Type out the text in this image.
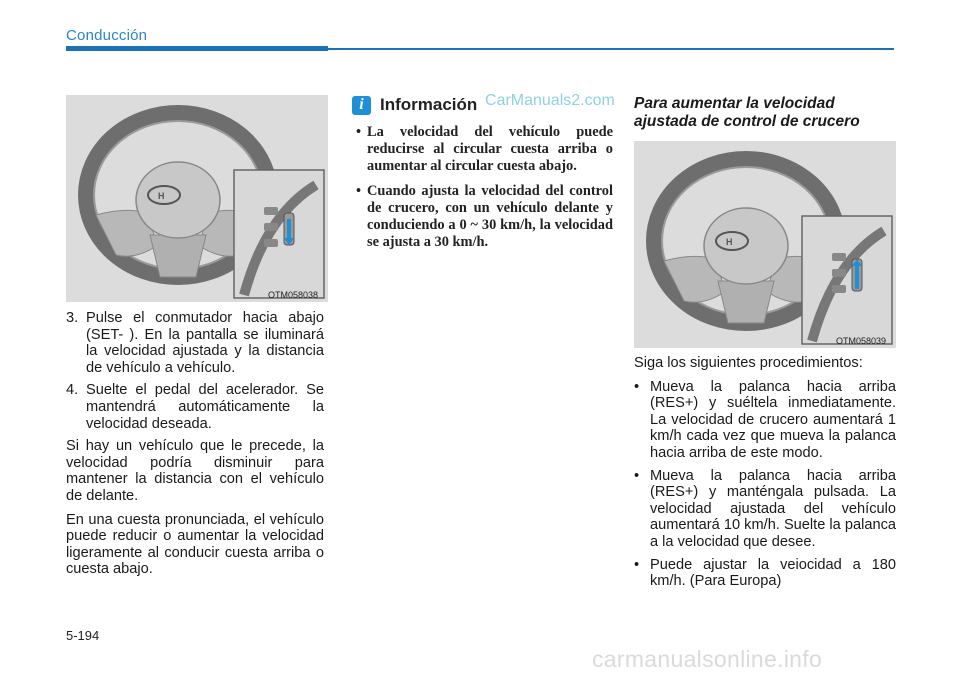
Conducción
H
OTM058038
3. Pulse el conmutador hacia abajo (SET- ). En la pantalla se iluminará la velocidad ajustada y la distancia de vehículo a vehículo.
4. Suelte el pedal del acelerador. Se mantendrá automáticamente la velocidad deseada.

Si hay un vehículo que le precede, la velocidad podría disminuir para mantener la distancia con el vehículo de delante.

En una cuesta pronunciada, el vehículo puede reducir o aumentar la velocidad ligeramente al conducir cuesta arriba o cuesta abajo.

i Información CarManuals2.com
• La velocidad del vehículo puede reducirse al circular cuesta arriba o aumentar al circular cuesta abajo.
• Cuando ajusta la velocidad del control de crucero, con un vehículo delante y conduciendo a 0 ~ 30 km/h, la velocidad se ajusta a 30 km/h.
Para aumentar la velocidad ajustada de control de crucero
H
OTM058039

Siga los siguientes procedimientos:

• Mueva la palanca hacia arriba (RES+) y suéltela inmediatamente. La velocidad de crucero aumentará 1 km/h cada vez que mueva la palanca hacia arriba de este modo.
• Mueva la palanca hacia arriba (RES+) y manténgala pulsada. La velocidad ajustada del vehículo aumentará 10 km/h. Suelte la palanca a la velocidad que desee.
• Puede ajustar la veiocidad a 180 km/h. (Para Europa)
5-194
carmanualsonline.info
